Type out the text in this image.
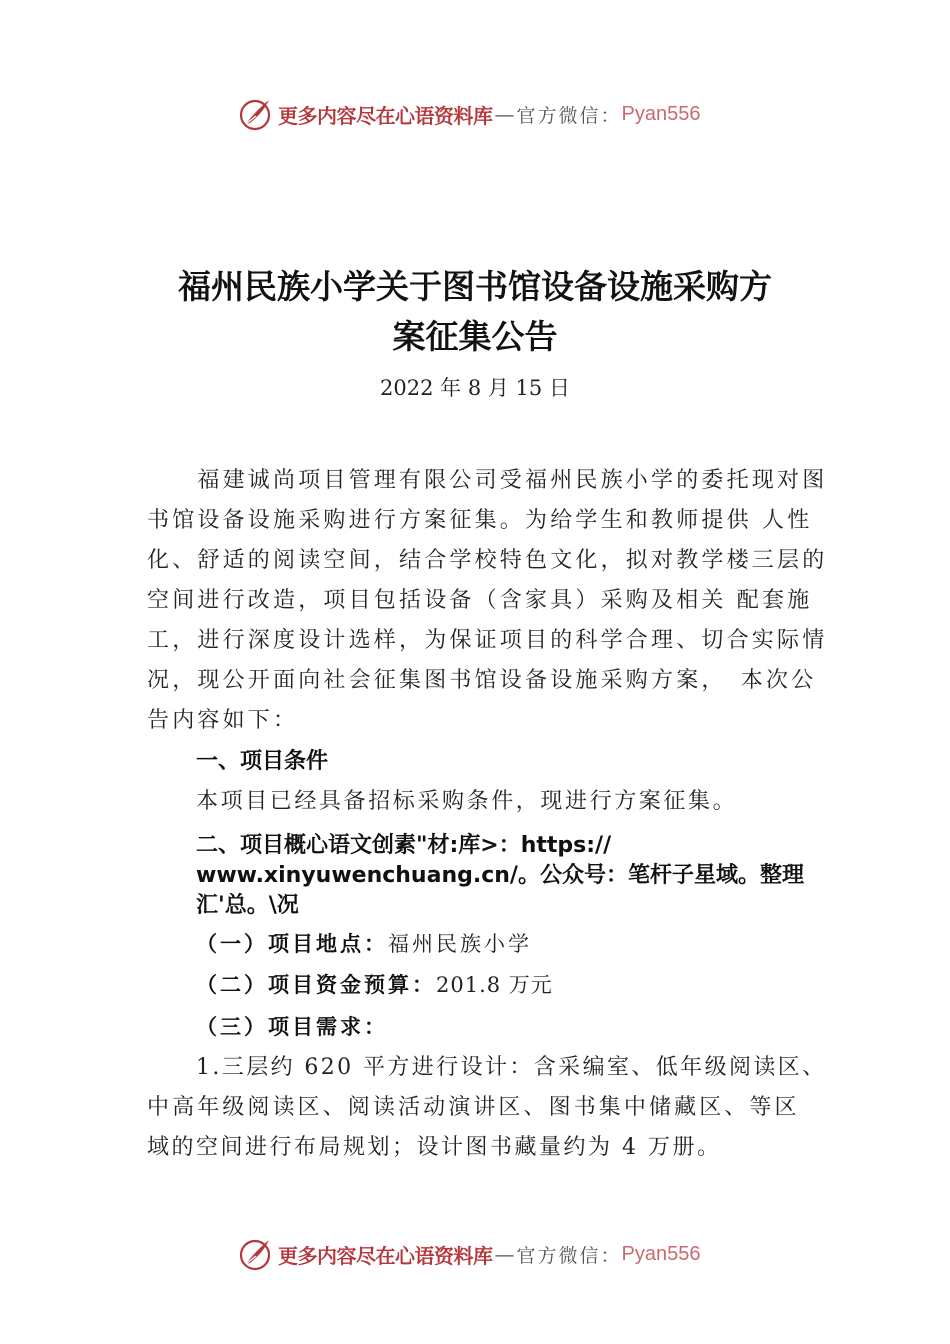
更多内容尽在心语资料库 — 官方微信： Pyan556
福州民族小学关于图书馆设备设施采购方
案征集公告
2022 年 8 月 15 日
　　福建诚尚项目管理有限公司受福州民族小学的委托现对图
书馆设备设施采购进行方案征集。为给学生和教师提供 人性
化、舒适的阅读空间，结合学校特色文化，拟对教学楼三层的
空间进行改造，项目包括设备（含家具）采购及相关 配套施
工，进行深度设计选样，为保证项目的科学合理、切合实际情
况，现公开面向社会征集图书馆设备设施采购方案，　本次公
告内容如下：
一、项目条件
本项目已经具备招标采购条件，现进行方案征集。
二、项目概心语文创素"材:库>：https://
www.xinyuwenchuang.cn/。公众号：笔杆子星域。整理
汇'总。\况
（一）项目地点：福州民族小学
（二）项目资金预算：201.8 万元
（三）项目需求：
1.三层约 620 平方进行设计：含采编室、低年级阅读区、
中高年级阅读区、阅读活动演讲区、图书集中储藏区、等区
域的空间进行布局规划；设计图书藏量约为 4 万册。
更多内容尽在心语资料库 — 官方微信： Pyan556
